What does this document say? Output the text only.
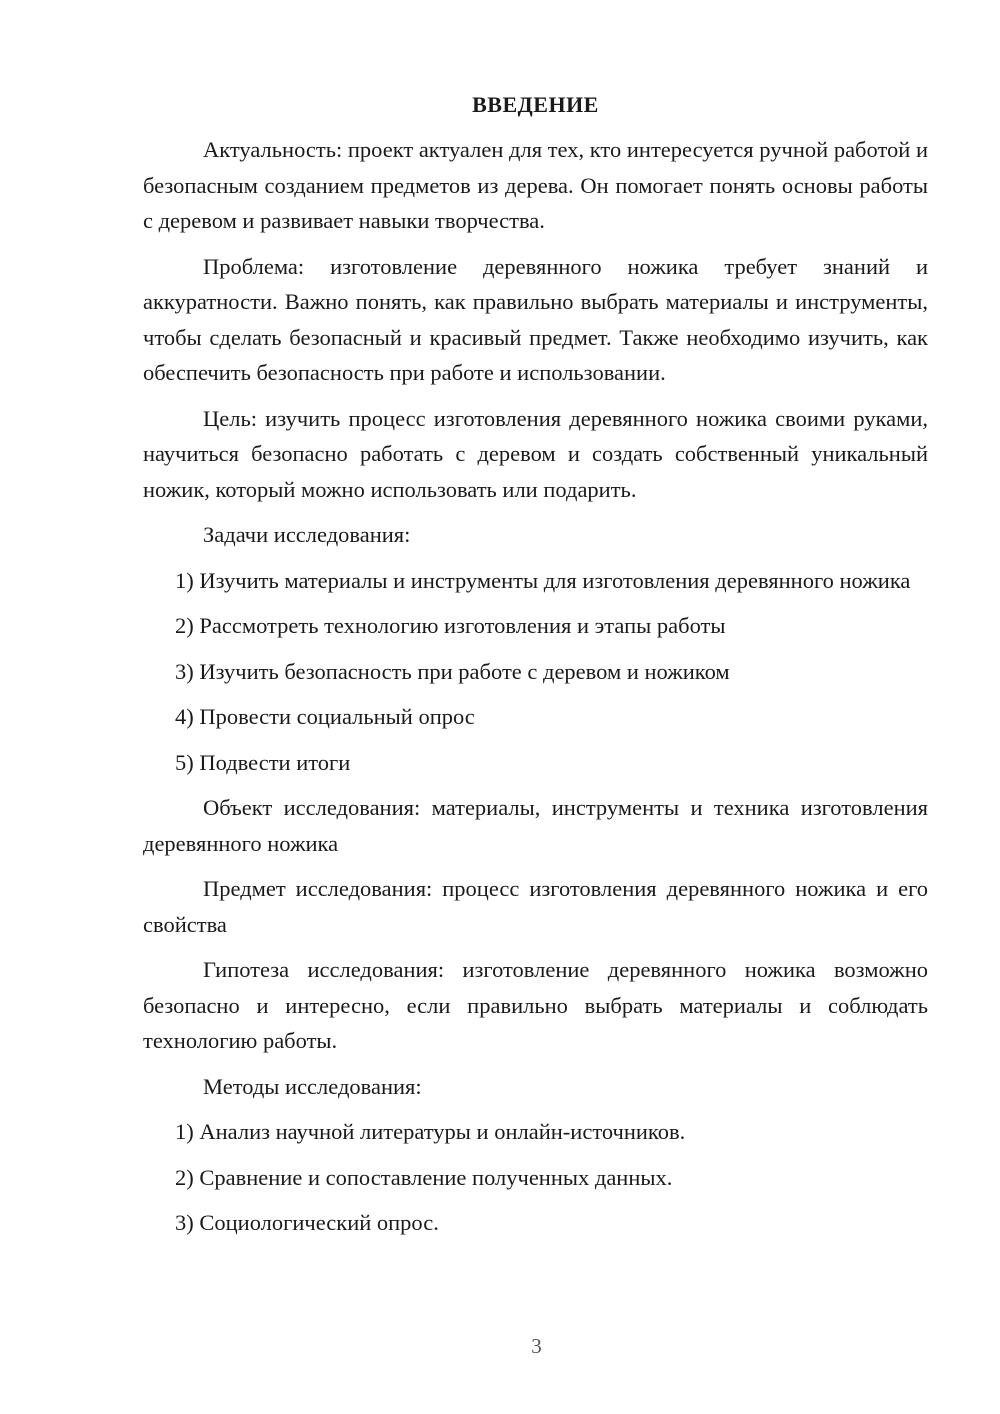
ВВЕДЕНИЕ

Актуальность: проект актуален для тех, кто интересуется ручной работой и безопасным созданием предметов из дерева. Он помогает понять основы работы с деревом и развивает навыки творчества.

Проблема: изготовление деревянного ножика требует знаний и аккуратности. Важно понять, как правильно выбрать материалы и инструменты, чтобы сделать безопасный и красивый предмет. Также необходимо изучить, как обеспечить безопасность при работе и использовании.

Цель: изучить процесс изготовления деревянного ножика своими руками, научиться безопасно работать с деревом и создать собственный уникальный ножик, который можно использовать или подарить.

Задачи исследования:

1) Изучить материалы и инструменты для изготовления деревянного ножика

2) Рассмотреть технологию изготовления и этапы работы

3) Изучить безопасность при работе с деревом и ножиком

4) Провести социальный опрос

5) Подвести итоги

Объект исследования: материалы, инструменты и техника изготовления деревянного ножика

Предмет исследования: процесс изготовления деревянного ножика и его свойства

Гипотеза исследования: изготовление деревянного ножика возможно безопасно и интересно, если правильно выбрать материалы и соблюдать технологию работы.

Методы исследования:

1) Анализ научной литературы и онлайн-источников.

2) Сравнение и сопоставление полученных данных.

3) Социологический опрос.

3
